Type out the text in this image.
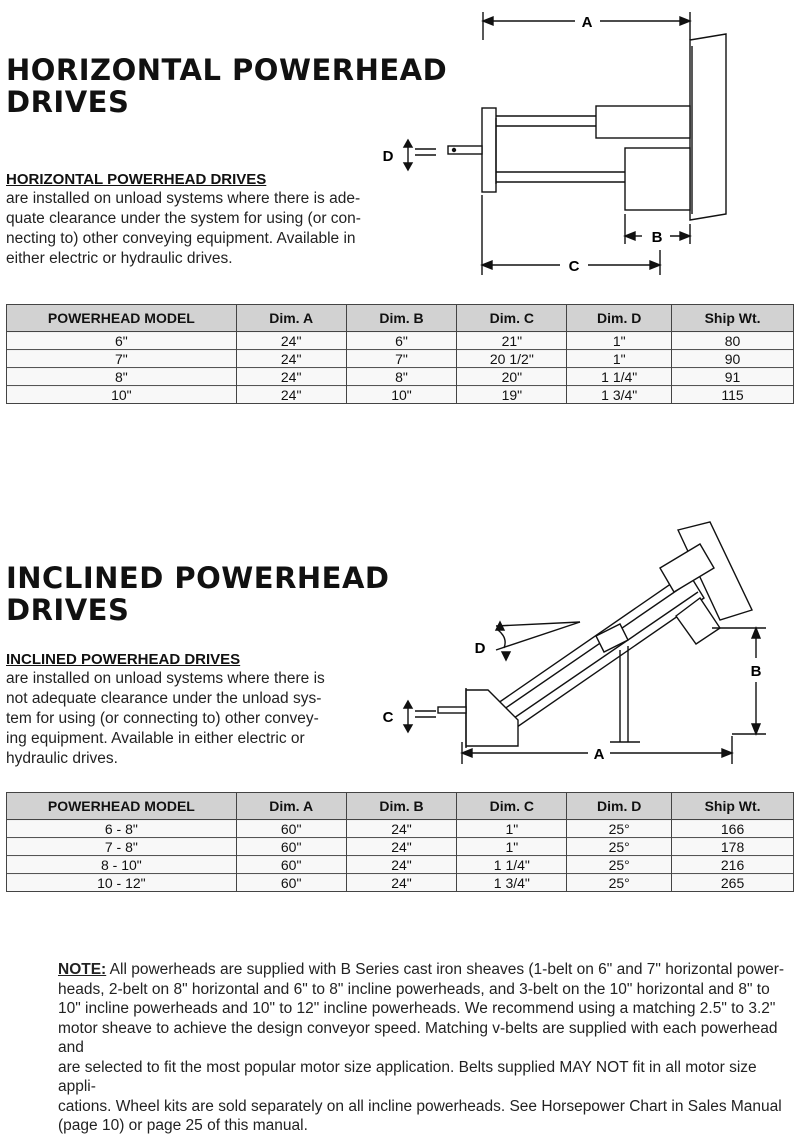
HORIZONTAL POWERHEAD
DRIVES
HORIZONTAL POWERHEAD DRIVES
are installed on unload systems where there is ade-
quate clearance under the system for using (or con-
necting to) other conveying equipment. Available in
either electric or hydraulic drives.
A
B
C
D
POWERHEAD MODEL	Dim. A	Dim. B	Dim. C	Dim. D	Ship Wt.
6"	24"	6"	21"	1"	80
7"	24"	7"	20 1/2"	1"	90
8"	24"	8"	20"	1 1/4"	91
10"	24"	10"	19"	1 3/4"	115
INCLINED POWERHEAD
DRIVES
INCLINED POWERHEAD DRIVES
are installed on unload systems where there is
not adequate clearance under the unload sys-
tem for using (or connecting to) other convey-
ing equipment. Available in either electric or
hydraulic drives.	A
B
C
D
POWERHEAD MODEL	Dim. A	Dim. B	Dim. C	Dim. D	Ship Wt.
6 - 8"	60"	24"	1"	25°	166
7 - 8"	60"	24"	1"	25°	178
8 - 10"	60"	24"	1 1/4"	25°	216
10 - 12"	60"	24"	1 3/4"	25°	265
NOTE: All powerheads are supplied with B Series cast iron sheaves (1-belt on 6" and 7" horizontal power-
heads, 2-belt on 8" horizontal and 6" to 8" incline powerheads, and 3-belt on the 10" horizontal and 8" to
10" incline powerheads and 10" to 12" incline powerheads. We recommend using a matching 2.5" to 3.2"
motor sheave to achieve the design conveyor speed. Matching v-belts are supplied with each powerhead and
are selected to fit the most popular motor size application. Belts supplied MAY NOT fit in all motor size appli-
cations. Wheel kits are sold separately on all incline powerheads. See Horsepower Chart in Sales Manual
(page 10) or page 25 of this manual.
